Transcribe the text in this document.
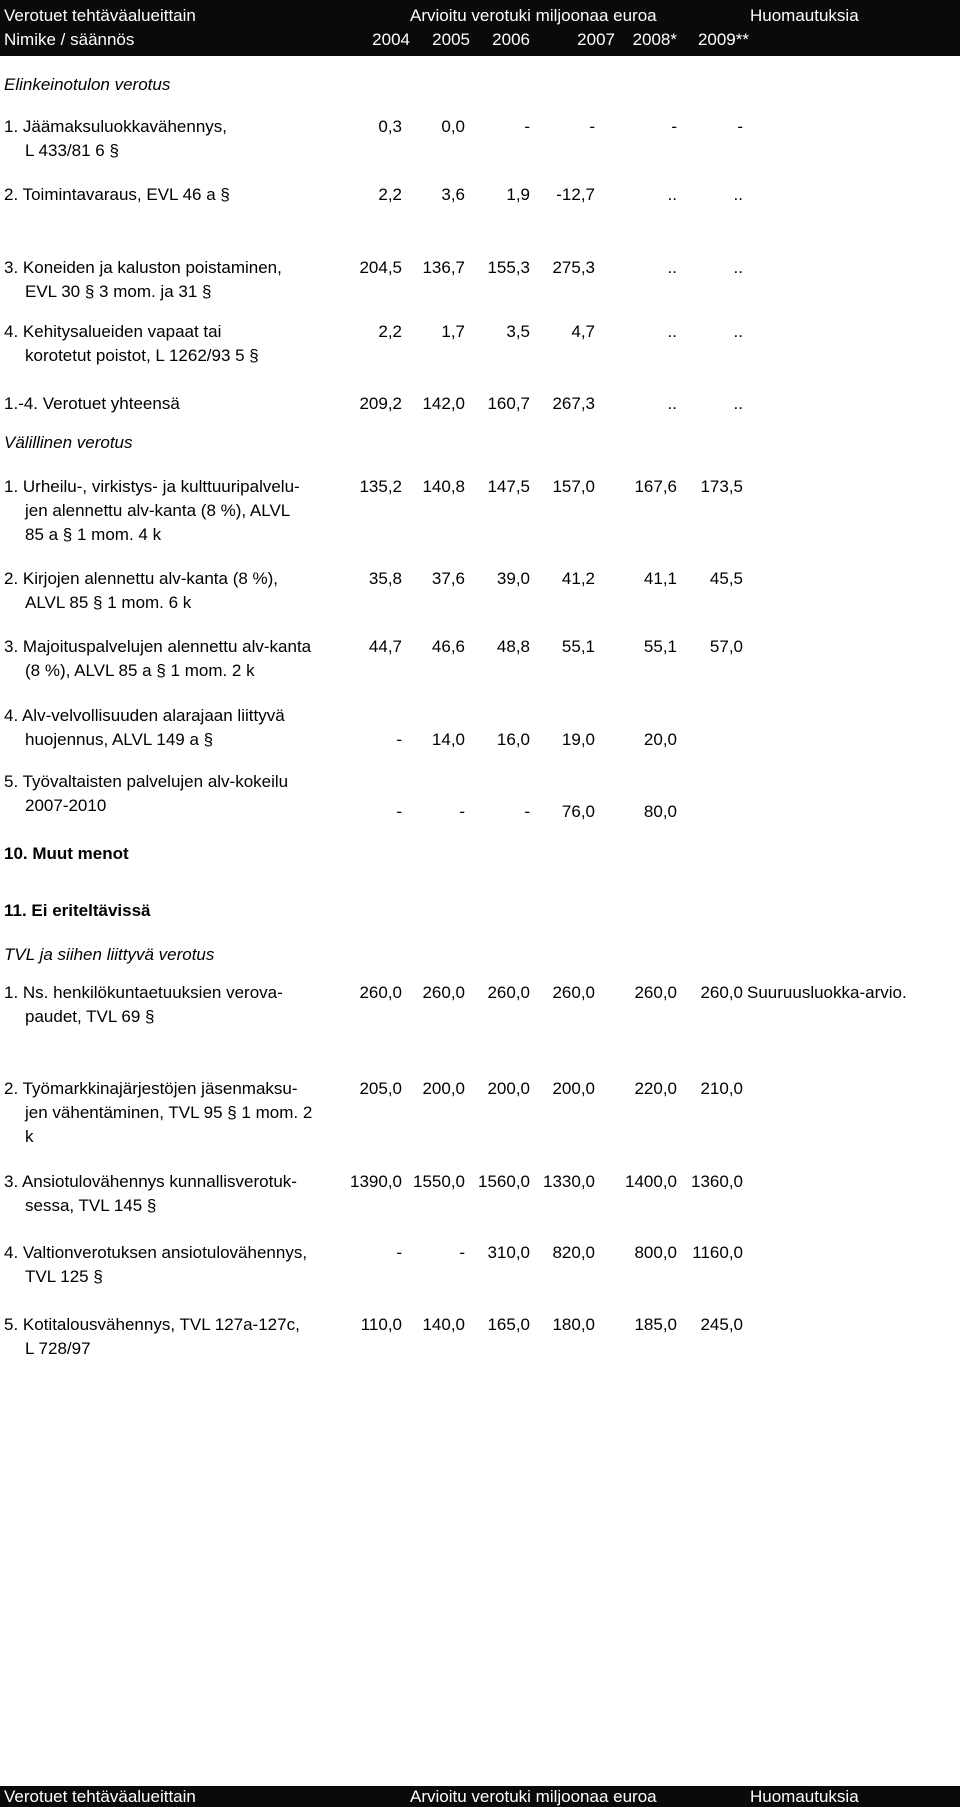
Verotuet tehtäväalueittain	Arvioitu verotuki miljoonaa euroa	Huomautuksia
Nimike / säännös	2004	2005	2006	2007	2008*	2009**
Elinkeinotulon verotus
Välillinen verotus
10. Muut menot
11. Ei eriteltävissä
TVL ja siihen liittyvä verotus
1. Jäämaksuluokkavähennys,
L 433/81 6 §
0,3	0,0	-	-	-	-
2. Toimintavaraus, EVL 46 a §	2,2	3,6	1,9	-12,7	..	..
3. Koneiden ja kaluston poistaminen,
EVL 30 § 3 mom. ja 31 §
204,5	136,7	155,3	275,3	..	..
4. Kehitysalueiden vapaat tai
korotetut poistot, L 1262/93 5 §
2,2	1,7	3,5	4,7	..	..
1.-4. Verotuet yhteensä	209,2	142,0	160,7	267,3	..	..
1. Urheilu-, virkistys- ja kulttuuripalvelu-
jen alennettu alv-kanta (8 %), ALVL
85 a § 1 mom. 4 k
135,2	140,8	147,5	157,0	167,6	173,5
2. Kirjojen alennettu alv-kanta (8 %),
ALVL 85 § 1 mom. 6 k
35,8	37,6	39,0	41,2	41,1	45,5
3. Majoituspalvelujen alennettu alv-kanta
(8 %), ALVL 85 a § 1 mom. 2 k
44,7	46,6	48,8	55,1	55,1	57,0
4. Alv-velvollisuuden alarajaan liittyvä
huojennus, ALVL 149 a §	-	14,0	16,0	19,0	20,0
5. Työvaltaisten palvelujen alv-kokeilu
2007-2010	-	-	-	76,0	80,0
1. Ns. henkilökuntaetuuksien verova-
paudet, TVL 69 §
260,0	260,0	260,0	260,0	260,0	260,0 Suuruusluokka-arvio.
2. Työmarkkinajärjestöjen jäsenmaksu-
jen vähentäminen, TVL 95 § 1 mom. 2
k
205,0	200,0	200,0	200,0	220,0	210,0
3. Ansiotulovähennys kunnallisverotuk-
sessa, TVL 145 §
1390,0 1550,0 1560,0 1330,0	1400,0 1360,0
4. Valtionverotuksen ansiotulovähennys,
TVL 125 §
-	-	310,0	820,0	800,0 1160,0
5. Kotitalousvähennys, TVL 127a-127c,
L 728/97
110,0	140,0	165,0	180,0	185,0	245,0
Verotuet tehtäväalueittain	Arvioitu verotuki miljoonaa euroa	Huomautuksia
